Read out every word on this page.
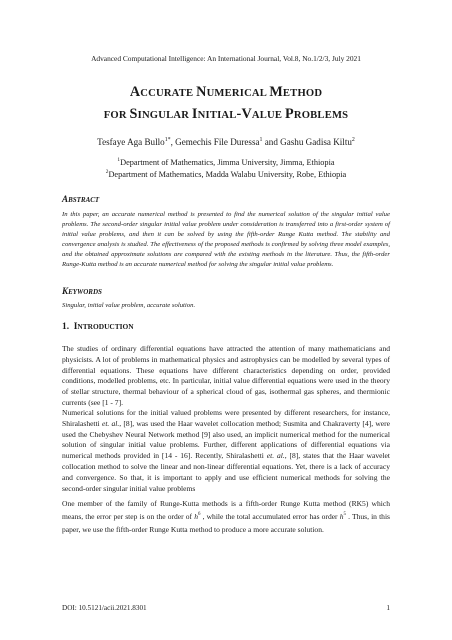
Advanced Computational Intelligence: An International Journal, Vol.8, No.1/2/3, July 2021
ACCURATE NUMERICAL METHOD
FOR SINGULAR INITIAL-VALUE PROBLEMS
Tesfaye Aga Bullo$^{1*}$, Gemechis File Duressa$^1$ and Gashu Gadisa Kiltu$^2$
$^1$Department of Mathematics, Jimma University, Jimma, Ethiopia
$^2$Department of Mathematics, Madda Walabu University, Robe, Ethiopia
ABSTRACT
In this paper, an accurate numerical method is presented to find the numerical solution of the singular initial value problems. The second-order singular initial value problem under consideration is transferred into a first-order system of initial value problems, and then it can be solved by using the fifth-order Runge Kutta method. The stability and convergence analysis is studied. The effectiveness of the proposed methods is confirmed by solving three model examples, and the obtained approximate solutions are compared with the existing methods in the literature. Thus, the fifth-order Runge-Kutta method is an accurate numerical method for solving the singular initial value problems.
KEYWORDS
Singular, initial value problem, accurate solution.
1. INTRODUCTION
The studies of ordinary differential equations have attracted the attention of many mathematicians and physicists. A lot of problems in mathematical physics and astrophysics can be modelled by several types of differential equations. These equations have different characteristics depending on order, provided conditions, modelled problems, etc. In particular, initial value differential equations were used in the theory of stellar structure, thermal behaviour of a spherical cloud of gas, isothermal gas spheres, and thermionic currents (see [1 - 7].
Numerical solutions for the initial valued problems were presented by different researchers, for instance, Shiralashetti et. al., [8], was used the Haar wavelet collocation method; Susmita and Chakraverty [4], were used the Chebyshev Neural Network method [9] also used, an implicit numerical method for the numerical solution of singular initial value problems. Further, different applications of differential equations via numerical methods provided in [14 - 16]. Recently, Shiralashetti et. al., [8], states that the Haar wavelet collocation method to solve the linear and non-linear differential equations. Yet, there is a lack of accuracy and convergence. So that, it is important to apply and use efficient numerical methods for solving the second-order singular initial value problems
One member of the family of Runge-Kutta methods is a fifth-order Runge Kutta method (RK5) which means, the error per step is on the order of $h^6$ , while the total accumulated error has order $h^5$ . Thus, in this paper, we use the fifth-order Runge Kutta method to produce a more accurate solution.
DOI: 10.5121/acii.2021.8301	1
